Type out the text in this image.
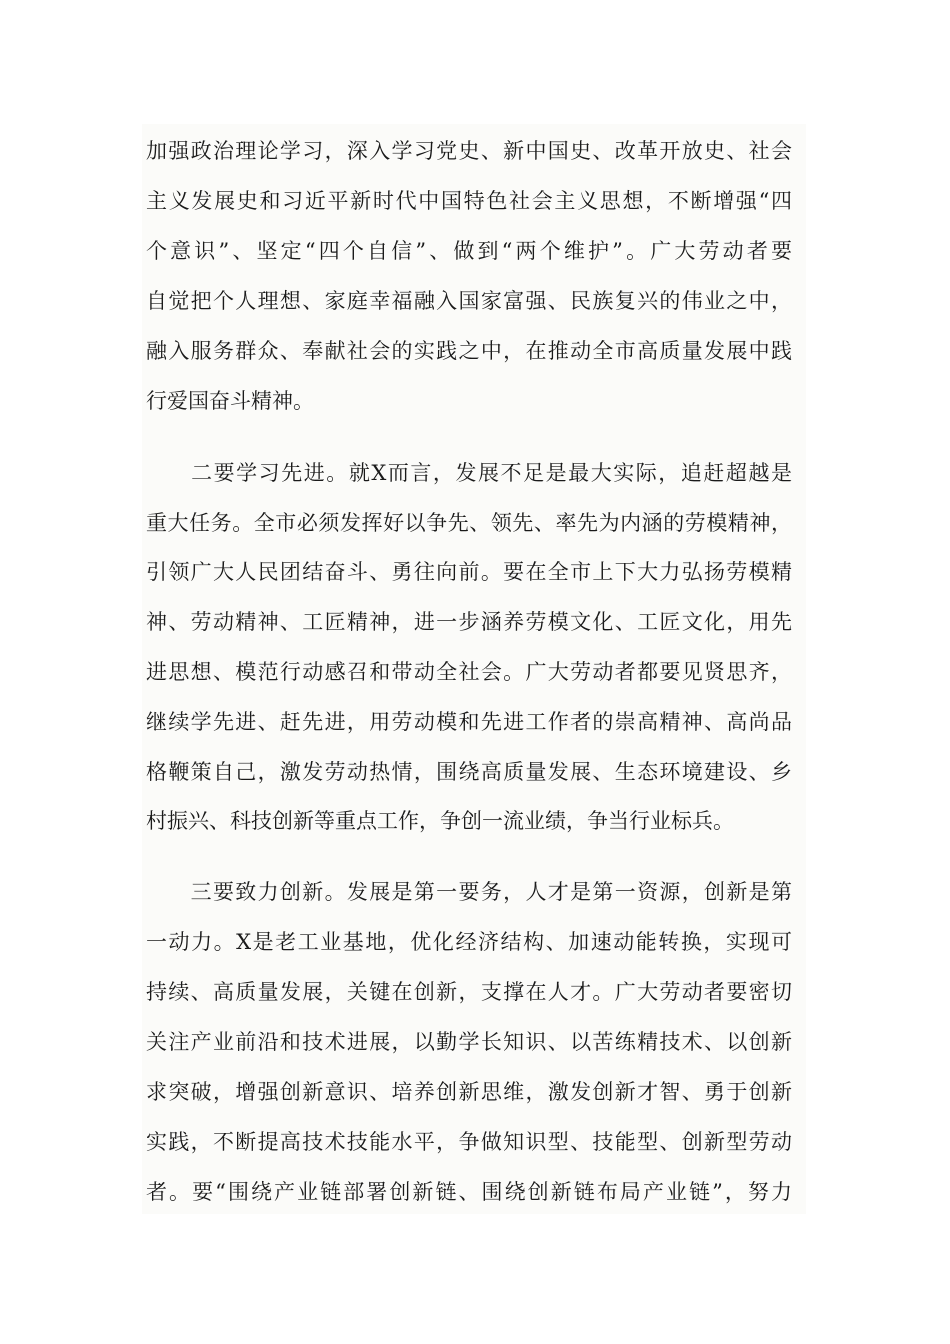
加强政治理论学习，深入学习党史、新中国史、改革开放史、社会

主义发展史和习近平新时代中国特色社会主义思想，不断增强“四

个意识”、坚定“四个自信”、做到“两个维护”。广大劳动者要

自觉把个人理想、家庭幸福融入国家富强、民族复兴的伟业之中，

融入服务群众、奉献社会的实践之中，在推动全市高质量发展中践

行爱国奋斗精神。

　　二要学习先进。就X而言，发展不足是最大实际，追赶超越是

重大任务。全市必须发挥好以争先、领先、率先为内涵的劳模精神，

引领广大人民团结奋斗、勇往向前。要在全市上下大力弘扬劳模精

神、劳动精神、工匠精神，进一步涵养劳模文化、工匠文化，用先

进思想、模范行动感召和带动全社会。广大劳动者都要见贤思齐，

继续学先进、赶先进，用劳动模和先进工作者的崇高精神、高尚品

格鞭策自己，激发劳动热情，围绕高质量发展、生态环境建设、乡

村振兴、科技创新等重点工作，争创一流业绩，争当行业标兵。

　　三要致力创新。发展是第一要务，人才是第一资源，创新是第

一动力。X是老工业基地，优化经济结构、加速动能转换，实现可

持续、高质量发展，关键在创新，支撑在人才。广大劳动者要密切

关注产业前沿和技术进展，以勤学长知识、以苦练精技术、以创新

求突破，增强创新意识、培养创新思维，激发创新才智、勇于创新

实践，不断提高技术技能水平，争做知识型、技能型、创新型劳动

者。要“围绕产业链部署创新链、围绕创新链布局产业链”，努力
